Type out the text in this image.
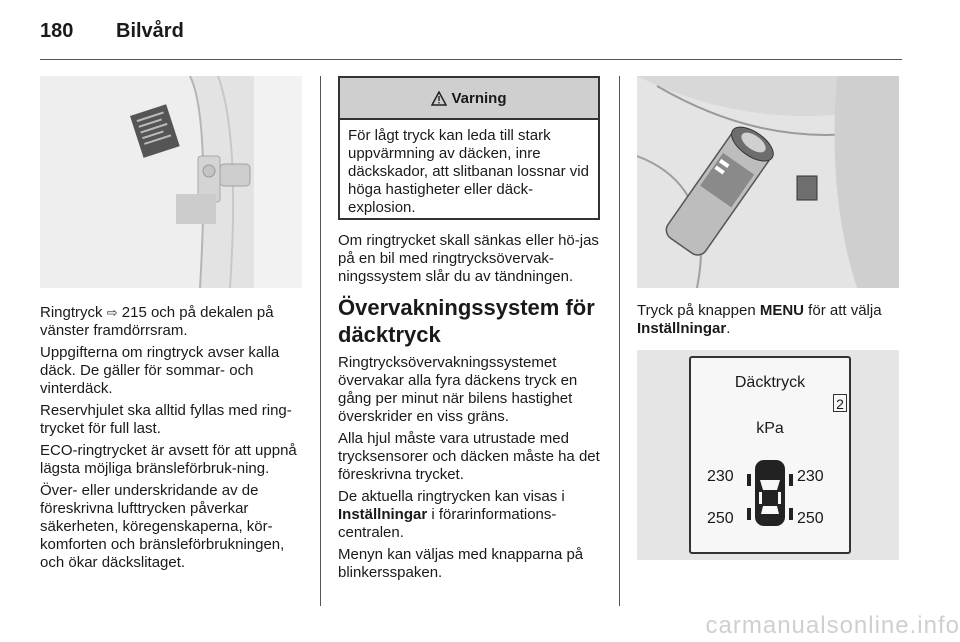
180 Bilvård
Varning
För lågt tryck kan leda till stark uppvärmning av däcken, inre däckskador, att slitbanan lossnar vid höga hastigheter eller däck-explosion.
Däcktryck
2
kPa
230	230
250	250

Ringtryck ⇨ 215 och på dekalen på vänster framdörrsram.

Uppgifterna om ringtryck avser kalla däck. De gäller för sommar- och vinterdäck.

Reservhjulet ska alltid fyllas med ring-trycket för full last.

ECO-ringtrycket är avsett för att uppnå lägsta möjliga bränsleförbruk-ning.

Över- eller underskridande av de föreskrivna lufttrycken påverkar säkerheten, köregenskaperna, kör-komforten och bränsleförbrukningen, och ökar däckslitaget.

Om ringtrycket skall sänkas eller hö-jas på en bil med ringtrycksövervak-ningssystem slår du av tändningen.

Övervakningssystem för däcktryck

Ringtrycksövervakningssystemet övervakar alla fyra däckens tryck en gång per minut när bilens hastighet överskrider en viss gräns.

Alla hjul måste vara utrustade med trycksensorer och däcken måste ha det föreskrivna trycket.

De aktuella ringtrycken kan visas i Inställningar i förarinformations-centralen.

Menyn kan väljas med knapparna på blinkersspaken.

Tryck på knappen MENU för att välja Inställningar.

carmanualsonline.info
